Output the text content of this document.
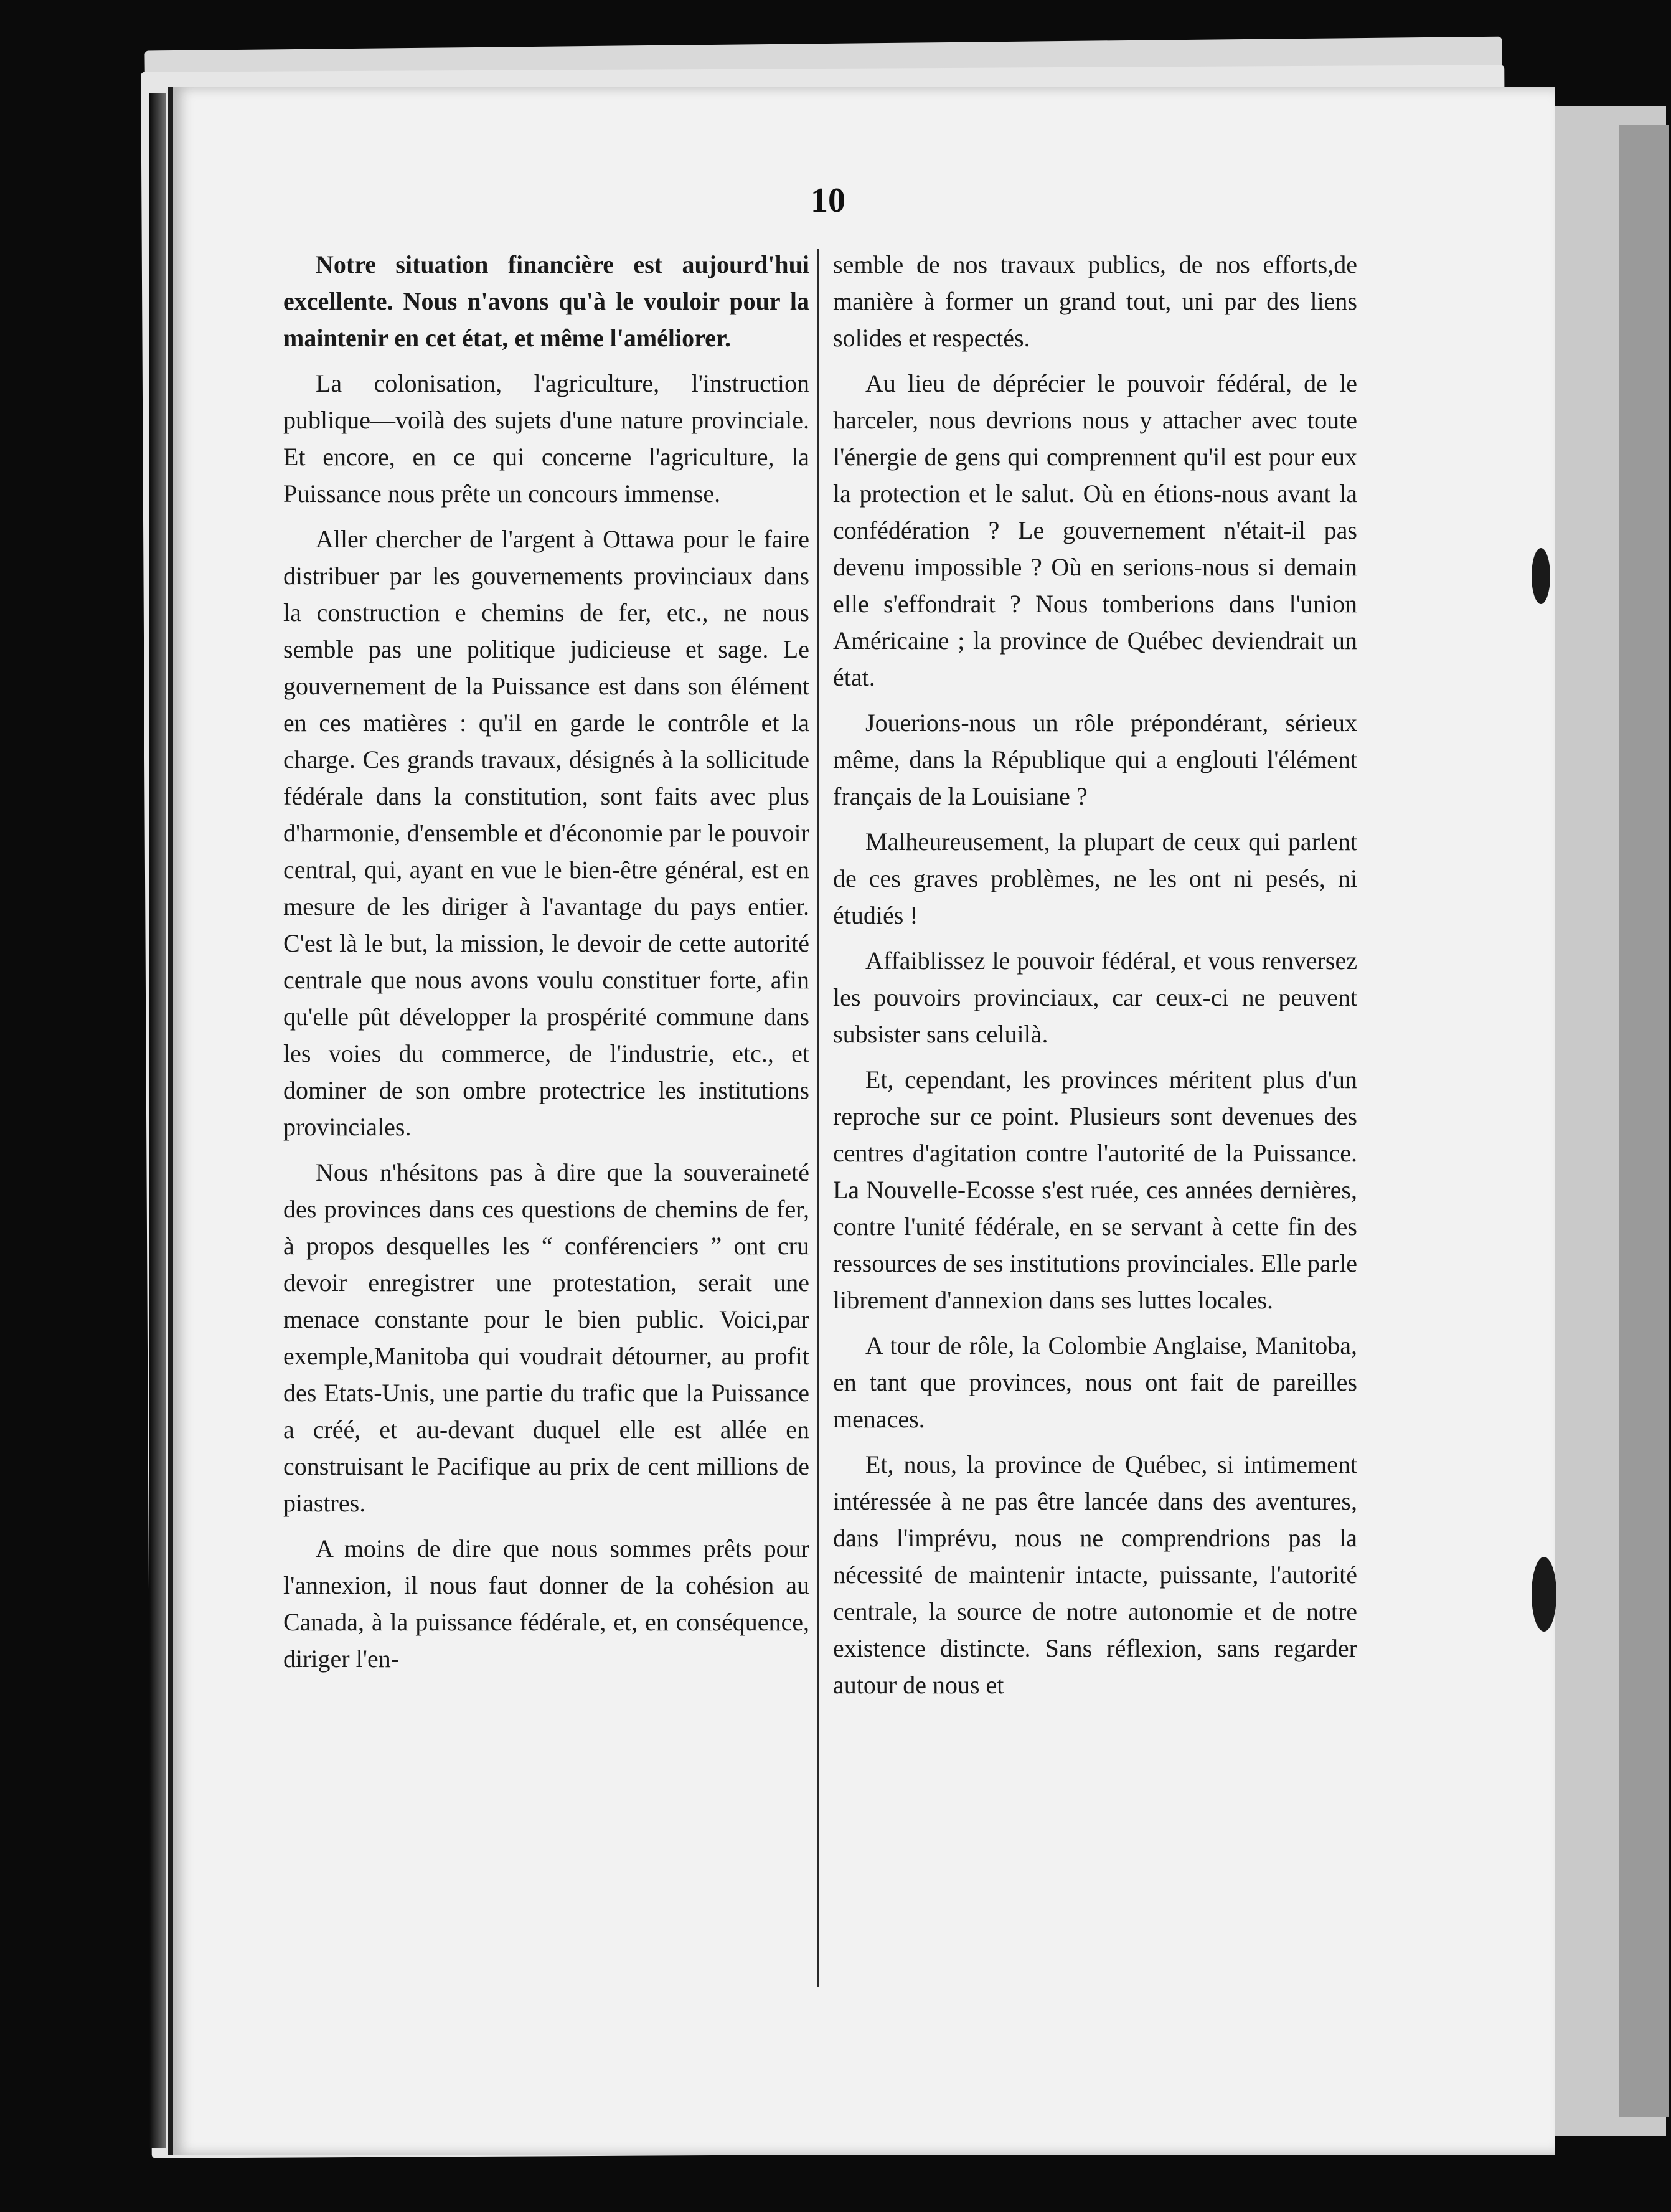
10

Notre situation financière est aujourd'hui excellente. Nous n'avons qu'à le vouloir pour la maintenir en cet état, et même l'améliorer.

La colonisation, l'agriculture, l'instruction publique—voilà des sujets d'une nature provinciale. Et encore, en ce qui concerne l'agriculture, la Puissance nous prête un concours immense.

Aller chercher de l'argent à Ottawa pour le faire distribuer par les gouvernements provinciaux dans la construction e chemins de fer, etc., ne nous semble pas une politique judicieuse et sage. Le gouvernement de la Puissance est dans son élément en ces matières : qu'il en garde le contrôle et la charge. Ces grands travaux, désignés à la sollicitude fédérale dans la constitution, sont faits avec plus d'harmonie, d'ensemble et d'économie par le pouvoir central, qui, ayant en vue le bien-être général, est en mesure de les diriger à l'avantage du pays entier. C'est là le but, la mission, le devoir de cette autorité centrale que nous avons voulu constituer forte, afin qu'elle pût développer la prospérité commune dans les voies du commerce, de l'industrie, etc., et dominer de son ombre protectrice les institutions provinciales.

Nous n'hésitons pas à dire que la souveraineté des provinces dans ces questions de chemins de fer, à propos desquelles les “ conférenciers ” ont cru devoir enregistrer une protestation, serait une menace constante pour le bien public. Voici,par exemple,Manitoba qui voudrait détourner, au profit des Etats-Unis, une partie du trafic que la Puissance a créé, et au-devant duquel elle est allée en construisant le Pacifique au prix de cent millions de piastres.

A moins de dire que nous sommes prêts pour l'annexion, il nous faut donner de la cohésion au Canada, à la puissance fédérale, et, en conséquence, diriger l'en-

semble de nos travaux publics, de nos efforts,de manière à former un grand tout, uni par des liens solides et respectés.

Au lieu de déprécier le pouvoir fédéral, de le harceler, nous devrions nous y attacher avec toute l'énergie de gens qui comprennent qu'il est pour eux la protection et le salut. Où en étions-nous avant la confédération ? Le gouvernement n'était-il pas devenu impossible ? Où en serions-nous si demain elle s'effondrait ? Nous tomberions dans l'union Américaine ; la province de Québec deviendrait un état.

Jouerions-nous un rôle prépondérant, sérieux même, dans la République qui a englouti l'élément français de la Louisiane ?

Malheureusement, la plupart de ceux qui parlent de ces graves problèmes, ne les ont ni pesés, ni étudiés !

Affaiblissez le pouvoir fédéral, et vous renversez les pouvoirs provinciaux, car ceux-ci ne peuvent subsister sans celuilà.

Et, cependant, les provinces méritent plus d'un reproche sur ce point. Plusieurs sont devenues des centres d'agitation contre l'autorité de la Puissance. La Nouvelle-Ecosse s'est ruée, ces années dernières, contre l'unité fédérale, en se servant à cette fin des ressources de ses institutions provinciales. Elle parle librement d'annexion dans ses luttes locales.

A tour de rôle, la Colombie Anglaise, Manitoba, en tant que provinces, nous ont fait de pareilles menaces.

Et, nous, la province de Québec, si intimement intéressée à ne pas être lancée dans des aventures, dans l'imprévu, nous ne comprendrions pas la nécessité de maintenir intacte, puissante, l'autorité centrale, la source de notre autonomie et de notre existence distincte. Sans réflexion, sans regarder autour de nous et
